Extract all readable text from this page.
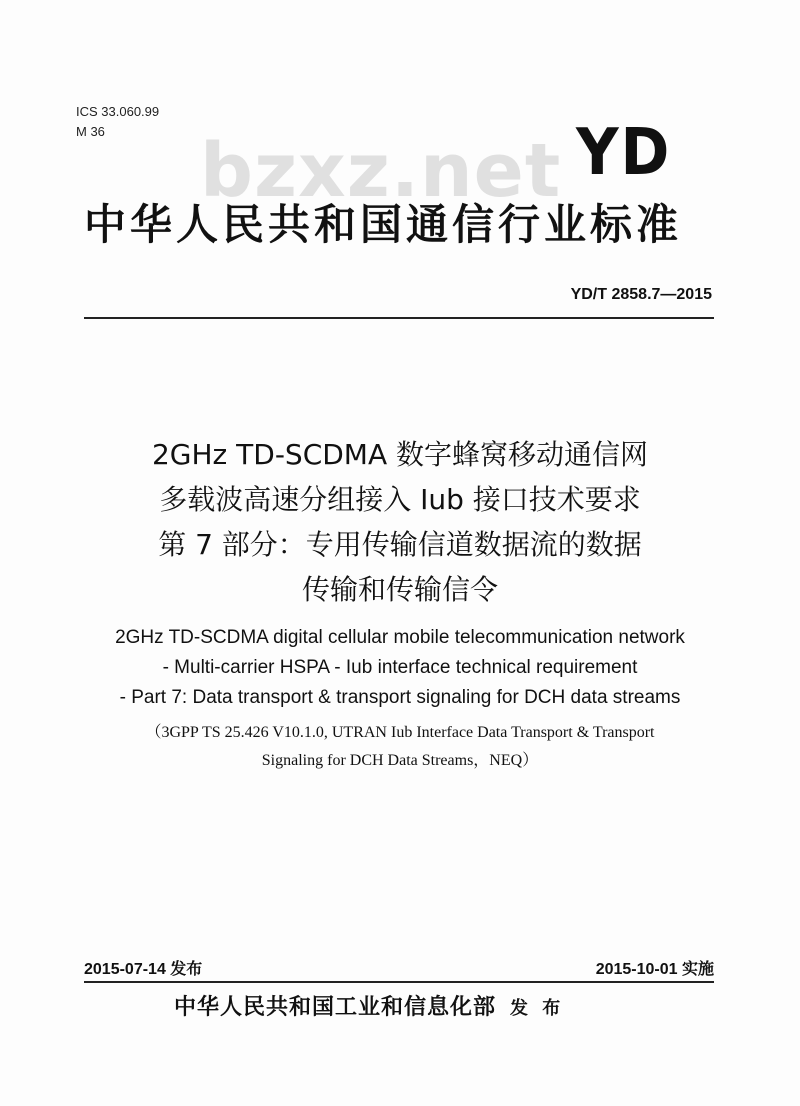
ICS 33.060.99
M 36	bzxz.net YD
中华人民共和国通信行业标准
YD/T 2858.7—2015
2GHz TD-SCDMA 数字蜂窝移动通信网
多载波高速分组接入 Iub 接口技术要求
第 7 部分：专用传输信道数据流的数据
传输和传输信令
2GHz TD-SCDMA digital cellular mobile telecommunication network
- Multi-carrier HSPA - Iub interface technical requirement
- Part 7: Data transport & transport signaling for DCH data streams
（3GPP TS 25.426 V10.1.0, UTRAN Iub Interface Data Transport & Transport
Signaling for DCH Data Streams，NEQ）
2015-07-14 发布	2015-10-01 实施
中华人民共和国工业和信息化部 发 布
